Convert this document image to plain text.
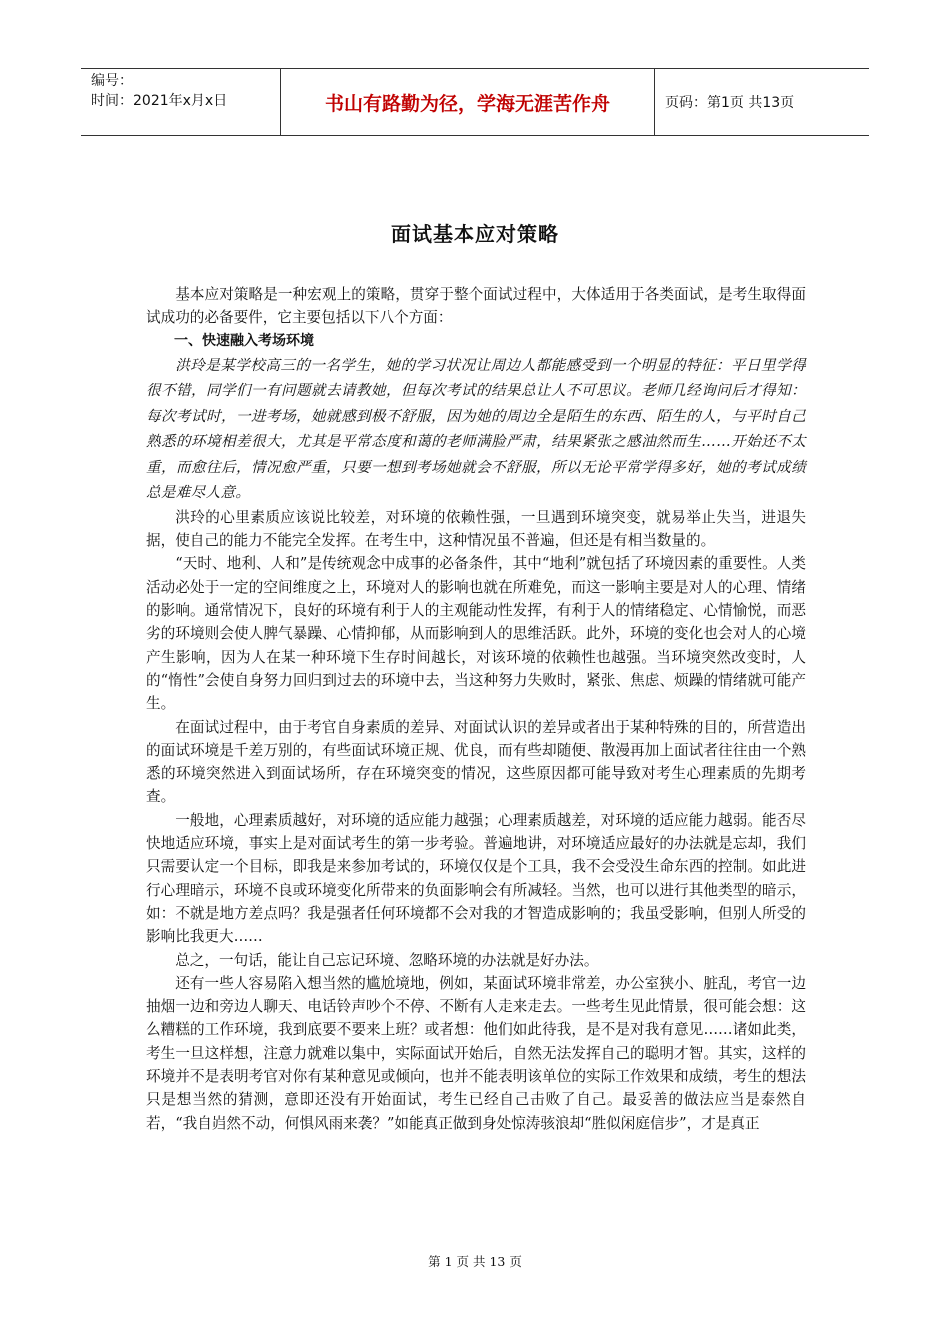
编号：
时间：2021年x月x日	书山有路勤为径，学海无涯苦作舟	页码：第1页 共13页
面试基本应对策略

基本应对策略是一种宏观上的策略，贯穿于整个面试过程中，大体适用于各类面试，是考生取得面试成功的必备要件，它主要包括以下八个方面：

一、快速融入考场环境

洪玲是某学校高三的一名学生，她的学习状况让周边人都能感受到一个明显的特征：平日里学得很不错，同学们一有问题就去请教她，但每次考试的结果总让人不可思议。老师几经询问后才得知：每次考试时，一进考场，她就感到极不舒服，因为她的周边全是陌生的东西、陌生的人，与平时自己熟悉的环境相差很大，尤其是平常态度和蔼的老师满脸严肃，结果紧张之感油然而生……开始还不太重，而愈往后，情况愈严重，只要一想到考场她就会不舒服，所以无论平常学得多好，她的考试成绩总是难尽人意。

洪玲的心里素质应该说比较差，对环境的依赖性强，一旦遇到环境突变，就易举止失当，进退失据，使自己的能力不能完全发挥。在考生中，这种情况虽不普遍，但还是有相当数量的。

“天时、地利、人和”是传统观念中成事的必备条件，其中“地利”就包括了环境因素的重要性。人类活动必处于一定的空间维度之上，环境对人的影响也就在所难免，而这一影响主要是对人的心理、情绪的影响。通常情况下，良好的环境有利于人的主观能动性发挥，有利于人的情绪稳定、心情愉悦，而恶劣的环境则会使人脾气暴躁、心情抑郁，从而影响到人的思维活跃。此外，环境的变化也会对人的心境产生影响，因为人在某一种环境下生存时间越长，对该环境的依赖性也越强。当环境突然改变时，人的“惰性”会使自身努力回归到过去的环境中去，当这种努力失败时，紧张、焦虑、烦躁的情绪就可能产生。

在面试过程中，由于考官自身素质的差异、对面试认识的差异或者出于某种特殊的目的，所营造出的面试环境是千差万别的，有些面试环境正规、优良，而有些却随便、散漫再加上面试者往往由一个熟悉的环境突然进入到面试场所，存在环境突变的情况，这些原因都可能导致对考生心理素质的先期考查。

一般地，心理素质越好，对环境的适应能力越强；心理素质越差，对环境的适应能力越弱。能否尽快地适应环境，事实上是对面试考生的第一步考验。普遍地讲，对环境适应最好的办法就是忘却，我们只需要认定一个目标，即我是来参加考试的，环境仅仅是个工具，我不会受没生命东西的控制。如此进行心理暗示，环境不良或环境变化所带来的负面影响会有所减轻。当然，也可以进行其他类型的暗示，如：不就是地方差点吗？我是强者任何环境都不会对我的才智造成影响的；我虽受影响，但别人所受的影响比我更大……

总之，一句话，能让自己忘记环境、忽略环境的办法就是好办法。

还有一些人容易陷入想当然的尴尬境地，例如，某面试环境非常差，办公室狭小、脏乱，考官一边抽烟一边和旁边人聊天、电话铃声吵个不停、不断有人走来走去。一些考生见此情景，很可能会想：这么糟糕的工作环境，我到底要不要来上班？或者想：他们如此待我，是不是对我有意见……诸如此类，考生一旦这样想，注意力就难以集中，实际面试开始后，自然无法发挥自己的聪明才智。其实，这样的环境并不是表明考官对你有某种意见或倾向，也并不能表明该单位的实际工作效果和成绩，考生的想法只是想当然的猜测，意即还没有开始面试，考生已经自己击败了自己。最妥善的做法应当是泰然自若，“我自岿然不动，何惧风雨来袭？”如能真正做到身处惊涛骇浪却“胜似闲庭信步”，才是真正

第 1 页 共 13 页
